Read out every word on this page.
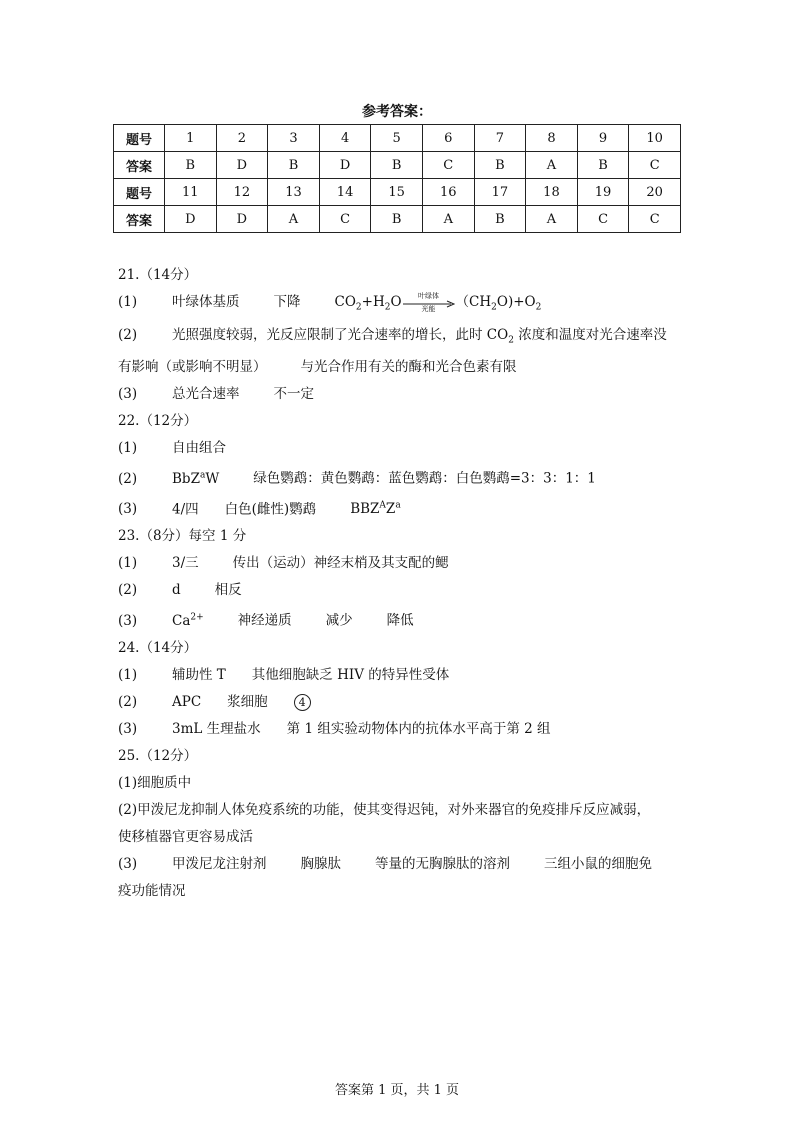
参考答案：
题号	1	2	3	4	5	6	7	8	9	10
答案	B	D	B	D	B	C	B	A	B	C
题号	11	12	13	14	15	16	17	18	19	20
答案	D	D	A	C	B	A	B	A	C	C
21.（14分）
(1)	叶绿体基质	下降	$CO_2+H_2O$	叶绿体
光能	$(CH_2O)+O_2$
(2)	光照强度较弱，光反应限制了光合速率的增长，此时 $CO_2$ 浓度和温度对光合速率没
有影响（或影响不明显）	与光合作用有关的酶和光合色素有限
(3)	总光合速率	不一定
22.（12分）
(1)	自由组合
(2)	BbZ$^a$W	绿色鹦鹉：黄色鹦鹉：蓝色鹦鹉：白色鹦鹉=3：3：1：1
(3)	4/四 白色(雌性)鹦鹉	$BBZ^AZ^a$
23.（8分）每空 1 分
(1)	3/三	传出（运动）神经末梢及其支配的鳃
(2)	d	相反
(3)	$Ca^{2+}$	神经递质	减少	降低
24.（14分）
(1)	辅助性 T 其他细胞缺乏 HIV 的特异性受体
(2)	APC 浆细胞	4
(3)	3mL 生理盐水 第 1 组实验动物体内的抗体水平高于第 2 组
25.（12分）
(1)细胞质中
(2)甲泼尼龙抑制人体免疫系统的功能，使其变得迟钝，对外来器官的免疫排斥反应减弱，
使移植器官更容易成活
(3)	甲泼尼龙注射剂	胸腺肽	等量的无胸腺肽的溶剂	三组小鼠的细胞免
疫功能情况
答案第 1 页，共 1 页
